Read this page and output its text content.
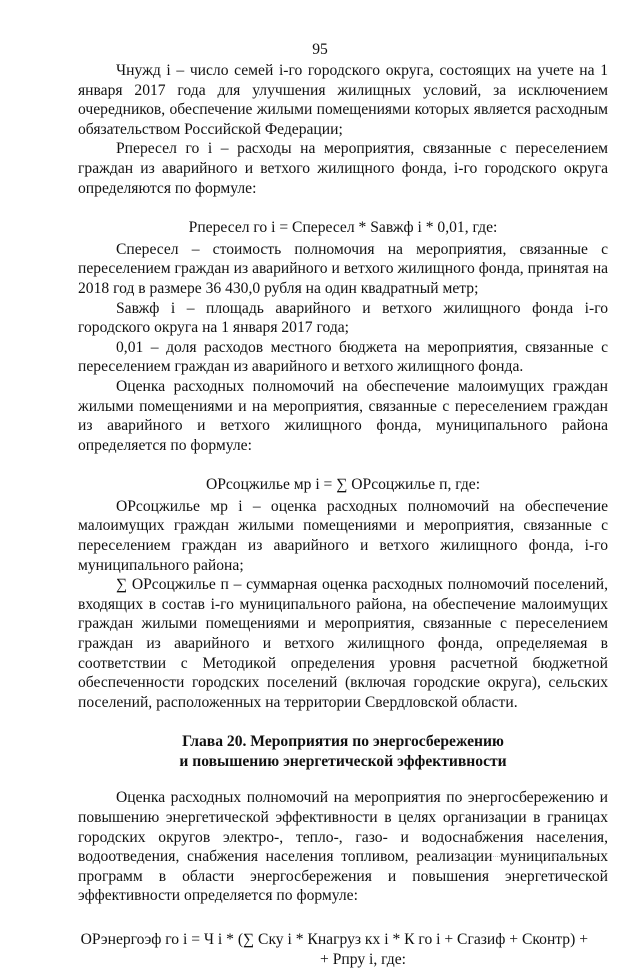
95

Чнужд i – число семей i-го городского округа, состоящих на учете на 1 января 2017 года для улучшения жилищных условий, за исключением очередников, обеспечение жилыми помещениями которых является расходным обязательством Российской Федерации;

Рпересел го i – расходы на мероприятия, связанные с переселением граждан из аварийного и ветхого жилищного фонда, i-го городского округа определяются по формуле:

Рпересел го i = Спересел * Sавжф i * 0,01, где:

Спересел – стоимость полномочия на мероприятия, связанные с переселением граждан из аварийного и ветхого жилищного фонда, принятая на 2018 год в размере 36 430,0 рубля на один квадратный метр;

Sавжф i – площадь аварийного и ветхого жилищного фонда i-го городского округа на 1 января 2017 года;

0,01 – доля расходов местного бюджета на мероприятия, связанные с переселением граждан из аварийного и ветхого жилищного фонда.

Оценка расходных полномочий на обеспечение малоимущих граждан жилыми помещениями и на мероприятия, связанные с переселением граждан из аварийного и ветхого жилищного фонда, муниципального района определяется по формуле:

ОРсоцжилье мр i = ∑ ОРсоцжилье п, где:

ОРсоцжилье мр i – оценка расходных полномочий на обеспечение малоимущих граждан жилыми помещениями и мероприятия, связанные с переселением граждан из аварийного и ветхого жилищного фонда, i-го муниципального района;

∑ ОРсоцжилье п – суммарная оценка расходных полномочий поселений, входящих в состав i-го муниципального района, на обеспечение малоимущих граждан жилыми помещениями и мероприятия, связанные с переселением граждан из аварийного и ветхого жилищного фонда, определяемая в соответствии с Методикой определения уровня расчетной бюджетной обеспеченности городских поселений (включая городские округа), сельских поселений, расположенных на территории Свердловской области.

Глава 20. Мероприятия по энергосбережению
и повышению энергетической эффективности

Оценка расходных полномочий на мероприятия по энергосбережению и повышению энергетической эффективности в целях организации в границах городских округов электро-, тепло-, газо- и водоснабжения населения, водоотведения, снабжения населения топливом, реализации муниципальных программ в области энергосбережения и повышения энергетической эффективности определяется по формуле:

ОРэнергоэф го i = Ч i * (∑ Cку i * Кнагруз кх i * К го i + Сгазиф + Сконтр) +

+ Рпру i, где:
